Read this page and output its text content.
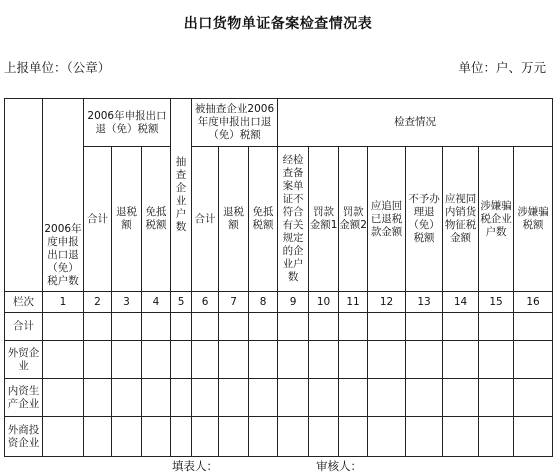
出口货物单证备案检查情况表
上报单位：（公章）	单位：户、万元
	2006年度申报出口退（免）税户数	2006年申报出口退（免）税额			抽查企业户数	被抽查企业2006年度申报出口退（免）税额			检查情况							

		合计	退税额	免抵税额		合计	退税额	免抵税额	经检查备案单证不符合有关规定的企业户数	罚款金额1	罚款金额2	应追回已退税款金额	不予办理退（免）税额	应视同内销货物征税金额	涉嫌骗税企业户数	涉嫌骗税额
栏次	1	2	3	4	5	6	7	8	9	10	11	12	13	14	15	16
合计																
外贸企业																
内资生产企业																
外商投资企业																
填表人：	审核人：
